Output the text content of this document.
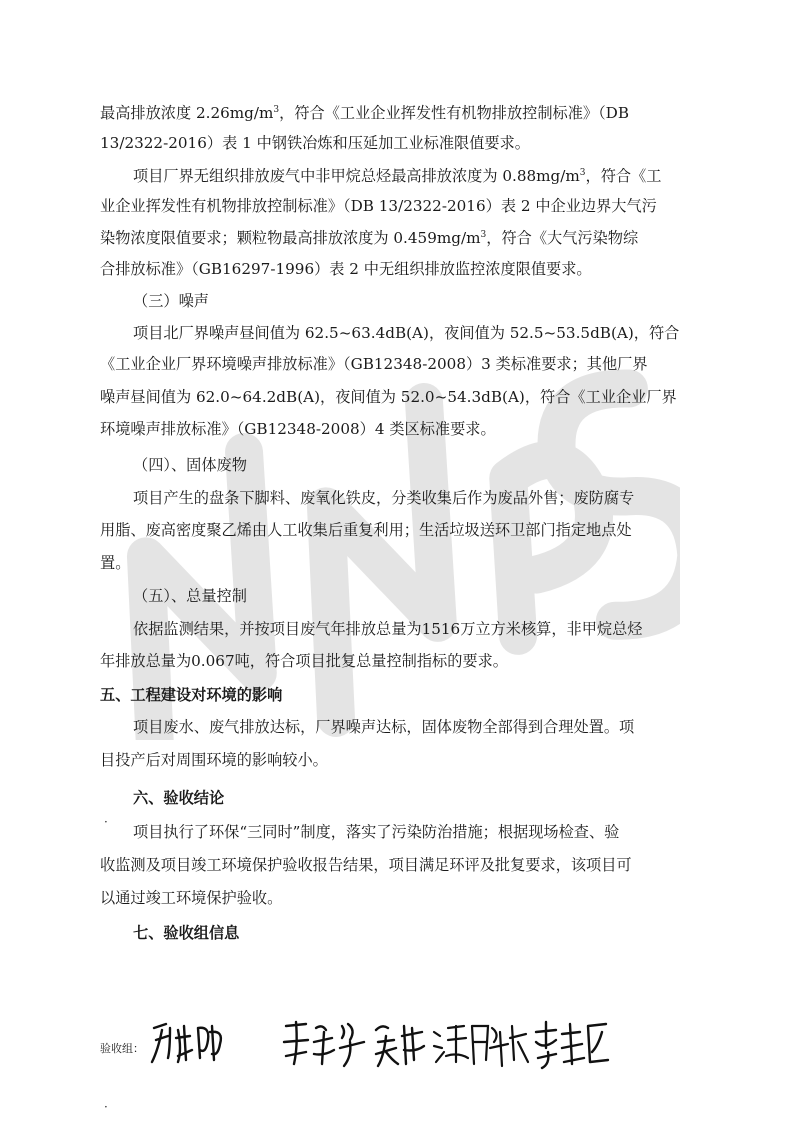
最高排放浓度 $2.26mg/m^3$，符合《工业企业挥发性有机物排放控制标准》（DB
13/2322-2016）表 1 中钢铁冶炼和压延加工业标准限值要求。
项目厂界无组织排放废气中非甲烷总烃最高排放浓度为 $0.88mg/m^3$，符合《工
业企业挥发性有机物排放控制标准》（DB 13/2322-2016）表 2 中企业边界大气污
染物浓度限值要求；颗粒物最高排放浓度为 $0.459mg/m^3$，符合《大气污染物综
合排放标准》（GB16297-1996）表 2 中无组织排放监控浓度限值要求。
（三）噪声
项目北厂界噪声昼间值为 62.5~63.4dB(A)，夜间值为 52.5~53.5dB(A)，符合
《工业企业厂界环境噪声排放标准》（GB12348-2008）3 类标准要求；其他厂界
噪声昼间值为 62.0~64.2dB(A)，夜间值为 52.0~54.3dB(A)，符合《工业企业厂界
环境噪声排放标准》（GB12348-2008）4 类区标准要求。
（四）、固体废物
项目产生的盘条下脚料、废氧化铁皮，分类收集后作为废品外售；废防腐专
用脂、废高密度聚乙烯由人工收集后重复利用；生活垃圾送环卫部门指定地点处
置。
（五）、总量控制
依据监测结果，并按项目废气年排放总量为1516万立方米核算，非甲烷总烃
年排放总量为0.067吨，符合项目批复总量控制指标的要求。
五、工程建设对环境的影响
项目废水、废气排放达标，厂界噪声达标，固体废物全部得到合理处置。项
目投产后对周围环境的影响较小。
六、验收结论
·
项目执行了环保“三同时”制度，落实了污染防治措施；根据现场检查、验
收监测及项目竣工环境保护验收报告结果，项目满足环评及批复要求，该项目可
以通过竣工环境保护验收。
七、验收组信息
验收组：
·
